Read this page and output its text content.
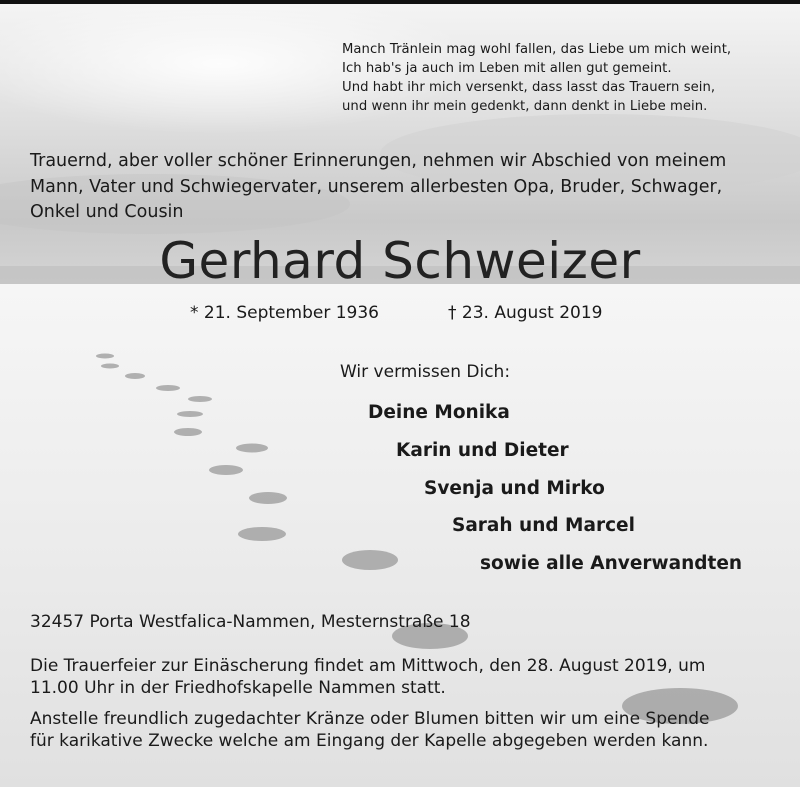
Manch Tränlein mag wohl fallen, das Liebe um mich weint,
Ich hab's ja auch im Leben mit allen gut gemeint.
Und habt ihr mich versenkt, dass lasst das Trauern sein,
und wenn ihr mein gedenkt, dann denkt in Liebe mein.
Trauernd, aber voller schöner Erinnerungen, nehmen wir Abschied von meinem
Mann, Vater und Schwiegervater, unserem allerbesten Opa, Bruder, Schwager,
Onkel und Cousin
Gerhard Schweizer
* 21. September 1936	† 23. August 2019
Wir vermissen Dich:
Deine Monika
Karin und Dieter
Svenja und Mirko
Sarah und Marcel
sowie alle Anverwandten
32457 Porta Westfalica-Nammen, Mesternstraße 18
Die Trauerfeier zur Einäscherung findet am Mittwoch, den 28. August 2019, um
11.00 Uhr in der Friedhofskapelle Nammen statt.
Anstelle freundlich zugedachter Kränze oder Blumen bitten wir um eine Spende
für karikative Zwecke welche am Eingang der Kapelle abgegeben werden kann.
